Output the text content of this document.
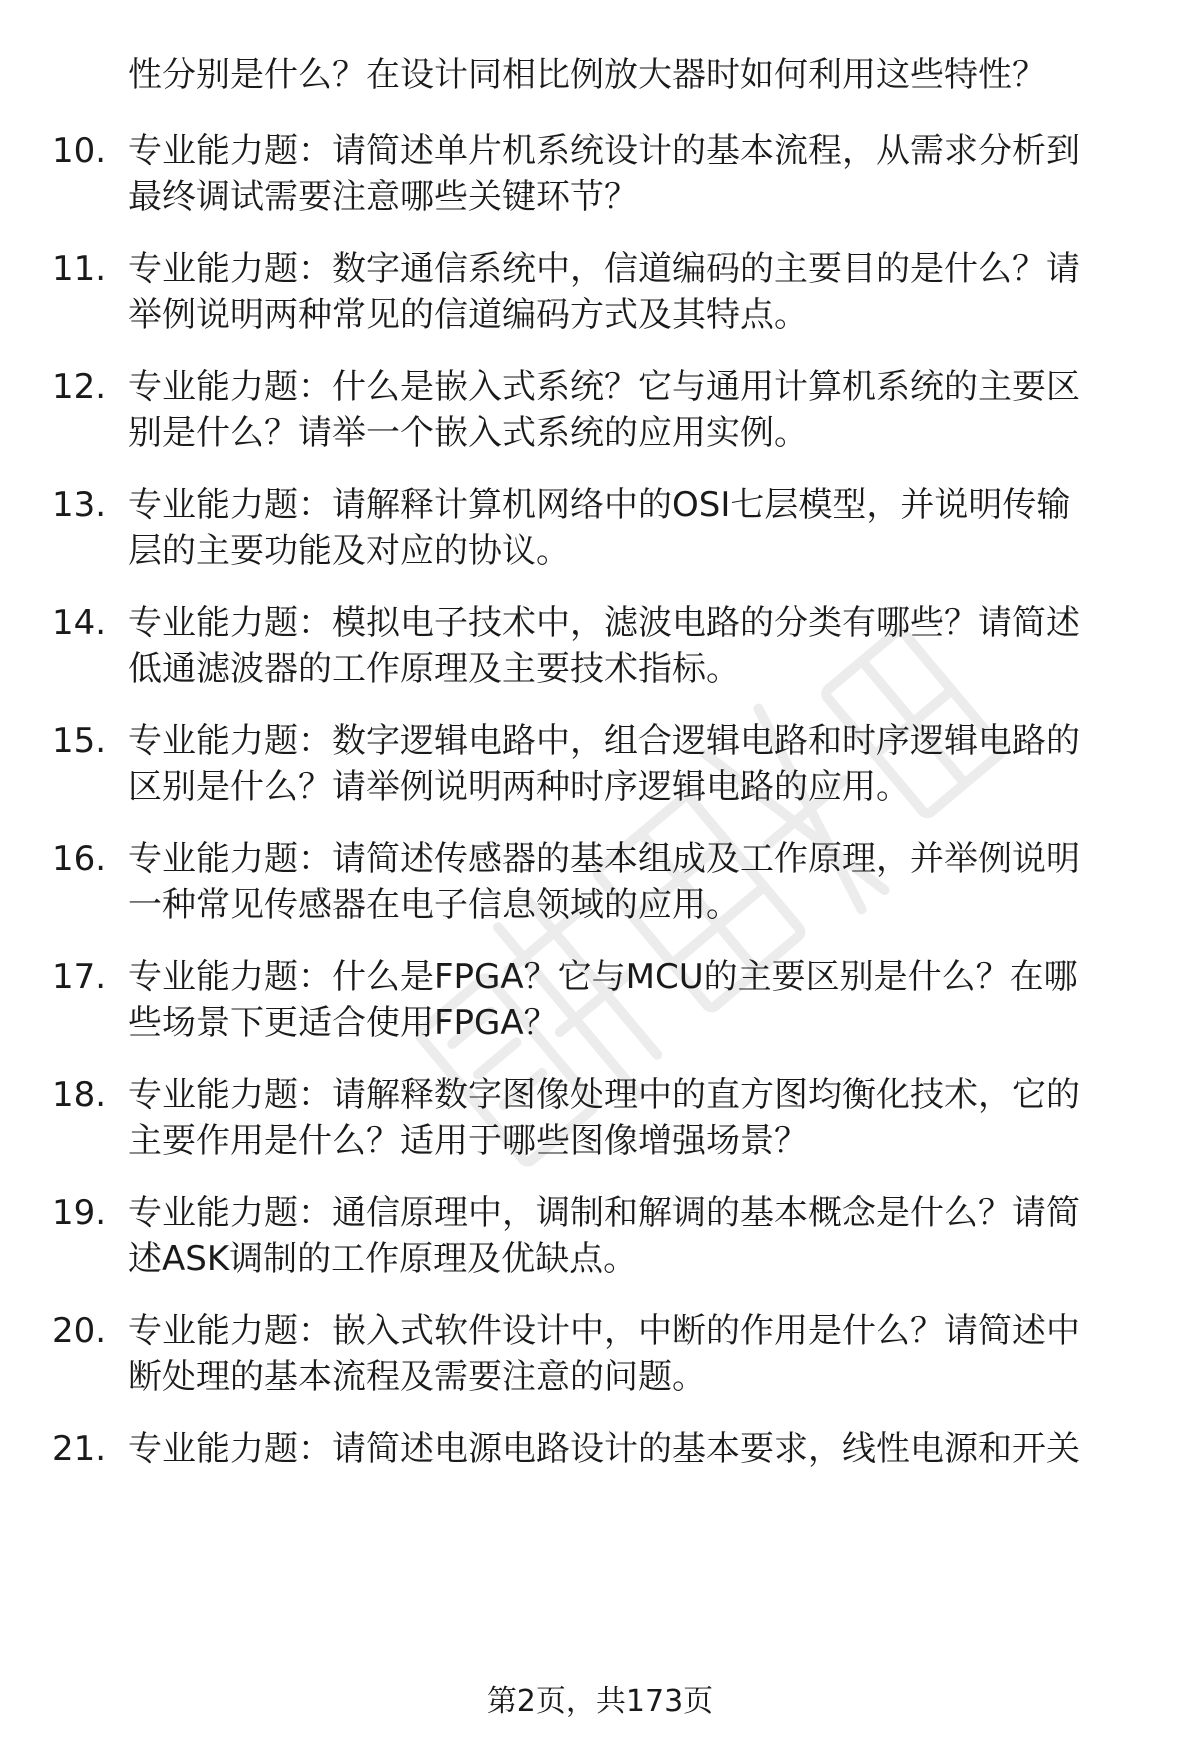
性分别是什么？在设计同相比例放大器时如何利用这些特性？
10. 专业能力题：请简述单片机系统设计的基本流程，从需求分析到
最终调试需要注意哪些关键环节？
11. 专业能力题：数字通信系统中，信道编码的主要目的是什么？请
举例说明两种常见的信道编码方式及其特点。
12. 专业能力题：什么是嵌入式系统？它与通用计算机系统的主要区
别是什么？请举一个嵌入式系统的应用实例。
13. 专业能力题：请解释计算机网络中的OSI七层模型，并说明传输
层的主要功能及对应的协议。
14. 专业能力题：模拟电子技术中，滤波电路的分类有哪些？请简述
低通滤波器的工作原理及主要技术指标。
15. 专业能力题：数字逻辑电路中，组合逻辑电路和时序逻辑电路的
区别是什么？请举例说明两种时序逻辑电路的应用。
16. 专业能力题：请简述传感器的基本组成及工作原理，并举例说明
一种常见传感器在电子信息领域的应用。
17. 专业能力题：什么是FPGA？它与MCU的主要区别是什么？在哪
些场景下更适合使用FPGA？
18. 专业能力题：请解释数字图像处理中的直方图均衡化技术，它的
主要作用是什么？适用于哪些图像增强场景？
19. 专业能力题：通信原理中，调制和解调的基本概念是什么？请简
述ASK调制的工作原理及优缺点。
20. 专业能力题：嵌入式软件设计中，中断的作用是什么？请简述中
断处理的基本流程及需要注意的问题。
21. 专业能力题：请简述电源电路设计的基本要求，线性电源和开关
第2页，共173页
